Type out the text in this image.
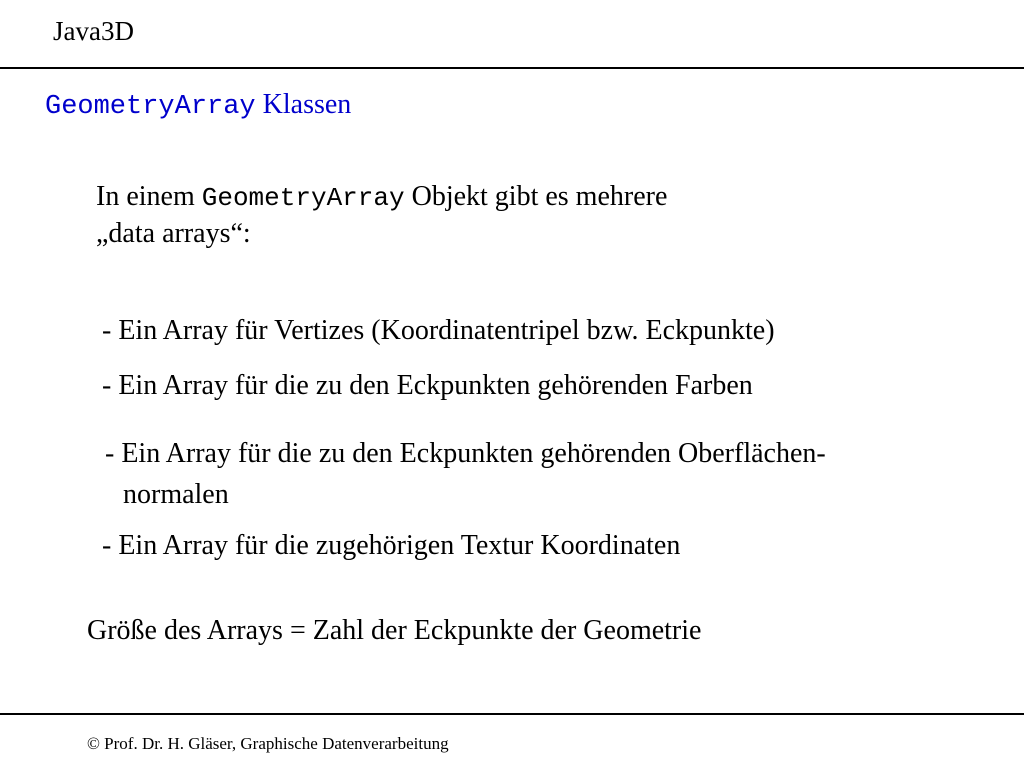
Java3D
GeometryArray Klassen
In einem GeometryArray Objekt gibt es mehrere
„data arrays“:
- Ein Array für Vertizes (Koordinatentripel bzw. Eckpunkte)
- Ein Array für die zu den Eckpunkten gehörenden Farben
- Ein Array für die zu den Eckpunkten gehörenden Oberflächen-
normalen
- Ein Array für die zugehörigen Textur Koordinaten
Größe des Arrays = Zahl der Eckpunkte der Geometrie
© Prof. Dr. H. Gläser, Graphische Datenverarbeitung
